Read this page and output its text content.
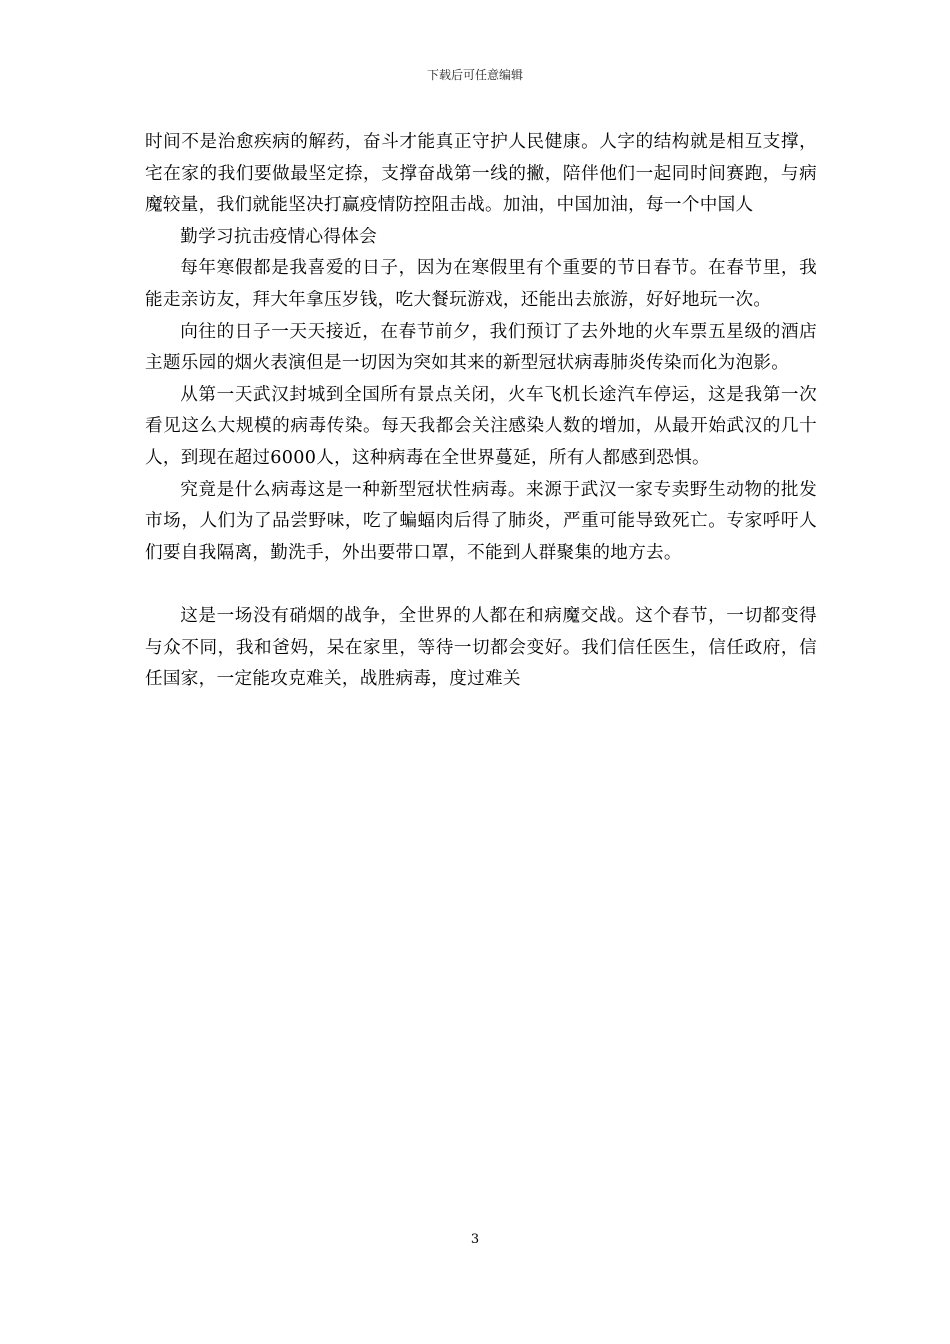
下载后可任意编辑

时间不是治愈疾病的解药，奋斗才能真正守护人民健康。人字的结构就是相互支撑，宅在家的我们要做最坚定捺，支撑奋战第一线的撇，陪伴他们一起同时间赛跑，与病魔较量，我们就能坚决打赢疫情防控阻击战。加油，中国加油，每一个中国人

勤学习抗击疫情心得体会

每年寒假都是我喜爱的日子，因为在寒假里有个重要的节日春节。在春节里，我能走亲访友，拜大年拿压岁钱，吃大餐玩游戏，还能出去旅游，好好地玩一次。

向往的日子一天天接近，在春节前夕，我们预订了去外地的火车票五星级的酒店主题乐园的烟火表演但是一切因为突如其来的新型冠状病毒肺炎传染而化为泡影。

从第一天武汉封城到全国所有景点关闭，火车飞机长途汽车停运，这是我第一次看见这么大规模的病毒传染。每天我都会关注感染人数的增加，从最开始武汉的几十人，到现在超过6000人，这种病毒在全世界蔓延，所有人都感到恐惧。

究竟是什么病毒这是一种新型冠状性病毒。来源于武汉一家专卖野生动物的批发市场，人们为了品尝野味，吃了蝙蝠肉后得了肺炎，严重可能导致死亡。专家呼吁人们要自我隔离，勤洗手，外出要带口罩，不能到人群聚集的地方去。

这是一场没有硝烟的战争，全世界的人都在和病魔交战。这个春节，一切都变得与众不同，我和爸妈，呆在家里，等待一切都会变好。我们信任医生，信任政府，信任国家，一定能攻克难关，战胜病毒，度过难关

3
